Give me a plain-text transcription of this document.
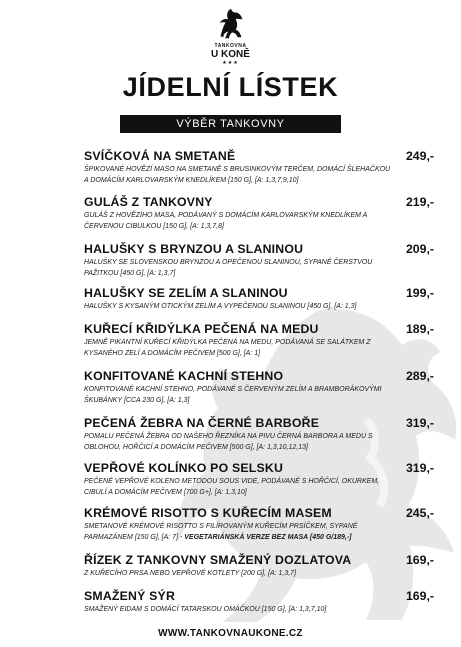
TANKOVNA
U KONĚ
★★★
JÍDELNÍ LÍSTEK
VÝBĚR TANKOVNY
SVÍČKOVÁ NA SMETANĚ
ŠPIKOVANÉ HOVĚZÍ MASO NA SMETANĚ S BRUSINKOVÝM TERČEM, DOMÁCÍ ŠLEHAČKOU A DOMÁCÍM KARLOVARSKÝM KNEDLÍKEM [150 G], [A: 1,3,7,9,10]
249,-
GULÁŠ Z TANKOVNY
GULÁŠ Z HOVĚZÍHO MASA, PODÁVANÝ S DOMÁCÍM KARLOVARSKÝM KNEDLÍKEM A ČERVENOU CIBULKOU [150 G], [A: 1,3,7,8]
219,-
HALUŠKY S BRYNZOU A SLANINOU
HALUŠKY SE SLOVENSKOU BRYNZOU A OPEČENOU SLANINOU, SYPANÉ ČERSTVOU PAŽITKOU [450 G], [A: 1,3,7]
209,-
HALUŠKY SE ZELÍM A SLANINOU
HALUŠKY S KYSANÝM OTICKÝM ZELÍM A VYPEČENOU SLANINOU [450 G], [A: 1,3]
199,-
KUŘECÍ KŘIDÝLKA PEČENÁ NA MEDU
JEMNĚ PIKANTNÍ KUŘECÍ KŘIDÝLKA PEČENÁ NA MEDU, PODÁVANÁ SE SALÁTKEM Z KYSANÉHO ZELÍ A DOMÁCÍM PEČIVEM [500 G], [A: 1]
189,-
KONFITOVANÉ KACHNÍ STEHNO
KONFITOVANÉ KACHNÍ STEHNO, PODÁVANÉ S ČERVENÝM ZELÍM A BRAMBORÁKOVÝMI ŠKUBÁNKY [CCA 230 G], [A: 1,3]
289,-
PEČENÁ ŽEBRA NA ČERNÉ BARBOŘE
POMALU PEČENÁ ŽEBRA OD NAŠEHO ŘEZNÍKA NA PIVU ČERNÁ BARBORA A MEDU S OBLOHOU, HOŘČICÍ A DOMÁCÍM PEČIVEM [500 G], [A: 1,3,10,12,13]
319,-
VEPŘOVÉ KOLÍNKO PO SELSKU
PEČENÉ VEPŘOVÉ KOLENO METODOU SOUS VIDE, PODÁVANÉ S HOŘČICÍ, OKURKEM, CIBULÍ A DOMÁCÍM PEČIVEM [700 G+], [A: 1,3,10]
319,-
KRÉMOVÉ RISOTTO S KUŘECÍM MASEM
SMETANOVÉ KRÉMOVÉ RISOTTO S FILÍROVANÝM KUŘECÍM PRSÍČKEM, SYPANÉ PARMAZÁNEM [150 G], [A: 7] - VEGETARIÁNSKÁ VERZE BEZ MASA [450 G/189,-]
245,-
ŘÍZEK Z TANKOVNY SMAŽENÝ DOZLATOVA
Z KUŘECÍHO PRSA NEBO VEPŘOVÉ KOTLETY [200 G], [A: 1,3,7]
169,-
SMAŽENÝ SÝR
SMAŽENÝ EIDAM S DOMÁCÍ TATARSKOU OMÁČKOU [150 G], [A: 1,3,7,10]
169,-
WWW.TANKOVNAUKONE.CZ
